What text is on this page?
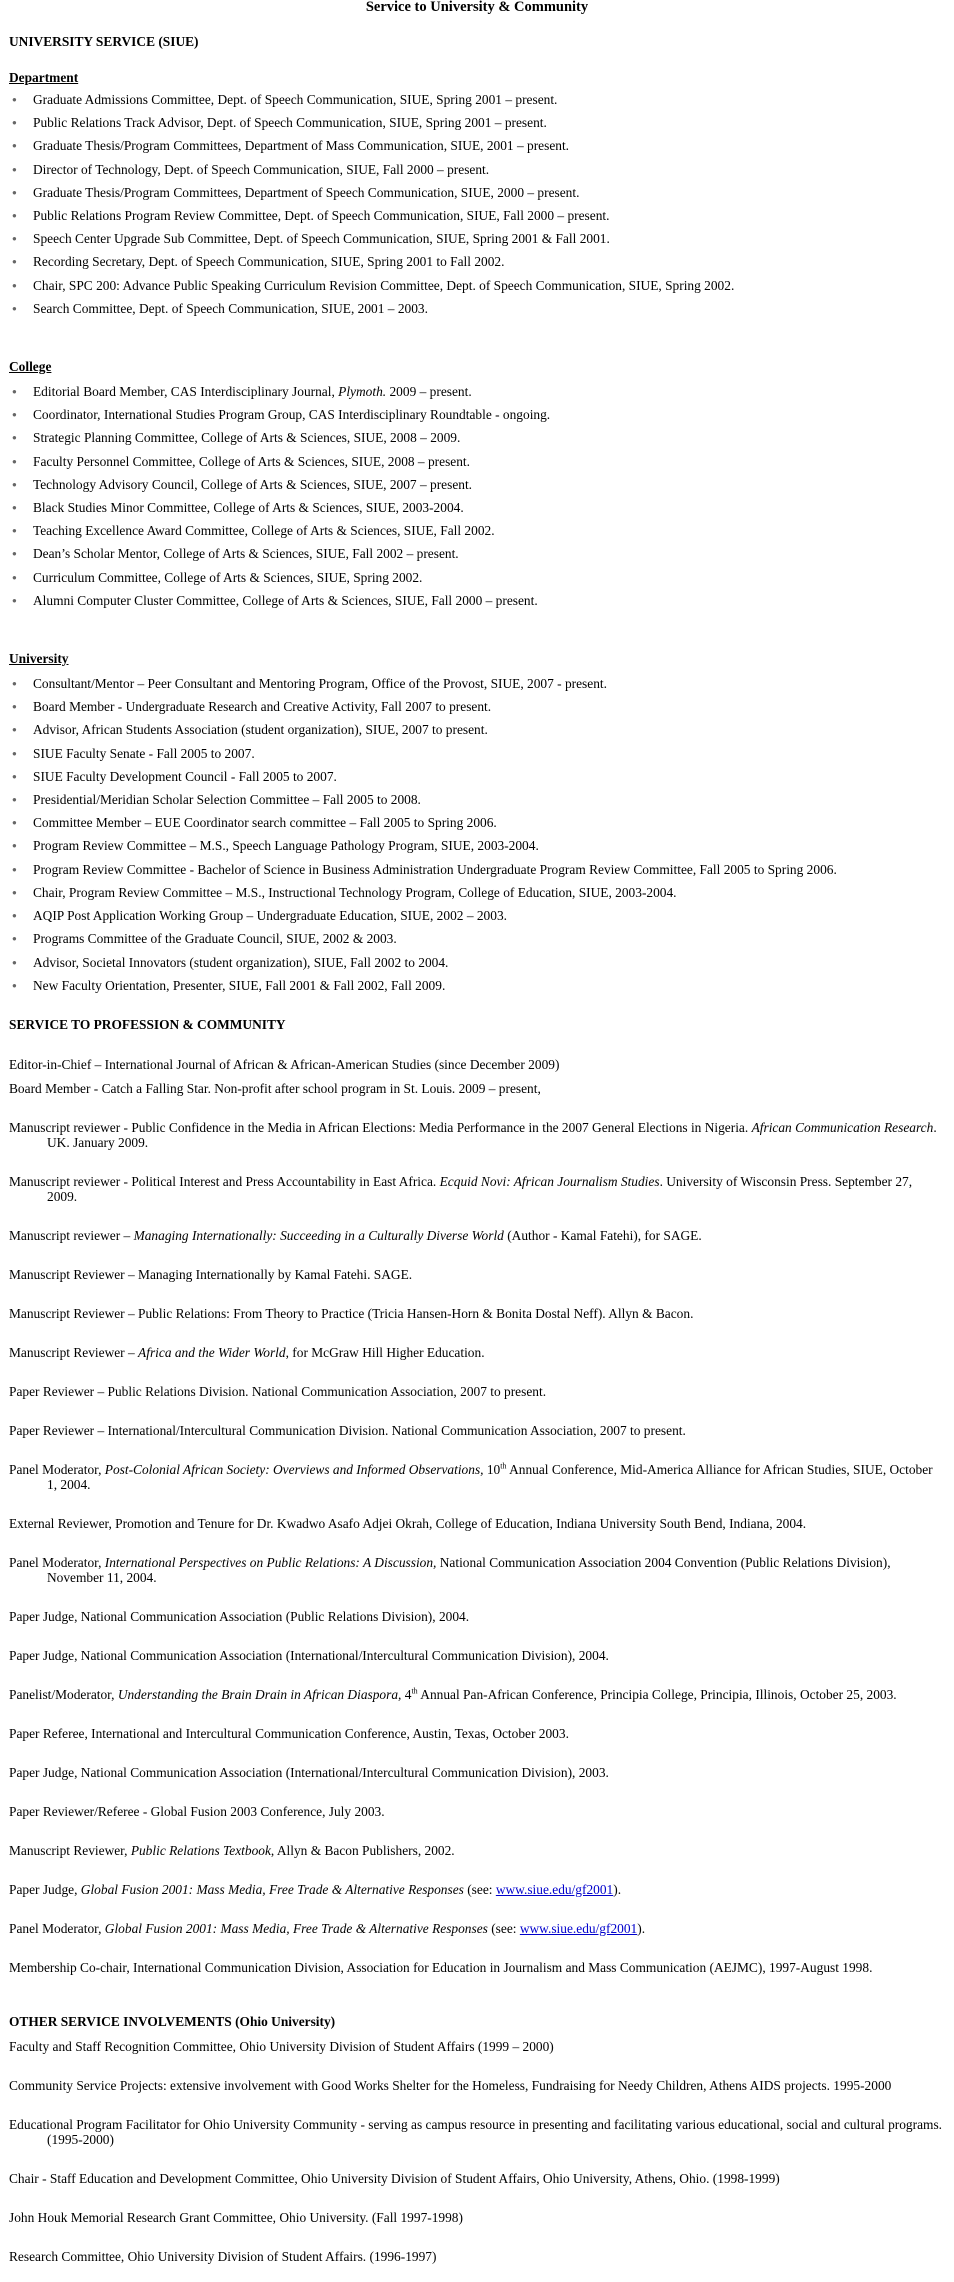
Service to University & Community

UNIVERSITY SERVICE (SIUE)

Department

● Graduate Admissions Committee, Dept. of Speech Communication, SIUE, Spring 2001 – present.
● Public Relations Track Advisor, Dept. of Speech Communication, SIUE, Spring 2001 – present.
● Graduate Thesis/Program Committees, Department of Mass Communication, SIUE, 2001 – present.
● Director of Technology, Dept. of Speech Communication, SIUE, Fall 2000 – present.
● Graduate Thesis/Program Committees, Department of Speech Communication, SIUE, 2000 – present.
● Public Relations Program Review Committee, Dept. of Speech Communication, SIUE, Fall 2000 – present.
● Speech Center Upgrade Sub Committee, Dept. of Speech Communication, SIUE, Spring 2001 & Fall 2001.
● Recording Secretary, Dept. of Speech Communication, SIUE, Spring 2001 to Fall 2002.
● Chair, SPC 200: Advance Public Speaking Curriculum Revision Committee, Dept. of Speech Communication, SIUE, Spring 2002.
● Search Committee, Dept. of Speech Communication, SIUE, 2001 – 2003.

College

● Editorial Board Member, CAS Interdisciplinary Journal, Plymoth. 2009 – present.
● Coordinator, International Studies Program Group, CAS Interdisciplinary Roundtable - ongoing.
● Strategic Planning Committee, College of Arts & Sciences, SIUE, 2008 – 2009.
● Faculty Personnel Committee, College of Arts & Sciences, SIUE, 2008 – present.
● Technology Advisory Council, College of Arts & Sciences, SIUE, 2007 – present.
● Black Studies Minor Committee, College of Arts & Sciences, SIUE, 2003-2004.
● Teaching Excellence Award Committee, College of Arts & Sciences, SIUE, Fall 2002.
● Dean’s Scholar Mentor, College of Arts & Sciences, SIUE, Fall 2002 – present.
● Curriculum Committee, College of Arts & Sciences, SIUE, Spring 2002.
● Alumni Computer Cluster Committee, College of Arts & Sciences, SIUE, Fall 2000 – present.

University

● Consultant/Mentor – Peer Consultant and Mentoring Program, Office of the Provost, SIUE, 2007 - present.
● Board Member - Undergraduate Research and Creative Activity, Fall 2007 to present.
● Advisor, African Students Association (student organization), SIUE, 2007 to present.
● SIUE Faculty Senate - Fall 2005 to 2007.
● SIUE Faculty Development Council - Fall 2005 to 2007.
● Presidential/Meridian Scholar Selection Committee – Fall 2005 to 2008.
● Committee Member – EUE Coordinator search committee – Fall 2005 to Spring 2006.
● Program Review Committee – M.S., Speech Language Pathology Program, SIUE, 2003-2004.
● Program Review Committee - Bachelor of Science in Business Administration Undergraduate Program Review Committee, Fall 2005 to Spring 2006.
● Chair, Program Review Committee – M.S., Instructional Technology Program, College of Education, SIUE, 2003-2004.
● AQIP Post Application Working Group – Undergraduate Education, SIUE, 2002 – 2003.
● Programs Committee of the Graduate Council, SIUE, 2002 & 2003.
● Advisor, Societal Innovators (student organization), SIUE, Fall 2002 to 2004.
● New Faculty Orientation, Presenter, SIUE, Fall 2001 & Fall 2002, Fall 2009.

SERVICE TO PROFESSION & COMMUNITY

Editor-in-Chief – International Journal of African & African-American Studies (since December 2009)

Board Member - Catch a Falling Star. Non-profit after school program in St. Louis. 2009 – present,

Manuscript reviewer - Public Confidence in the Media in African Elections: Media Performance in the 2007 General Elections in Nigeria. African Communication Research. UK. January 2009.

Manuscript reviewer - Political Interest and Press Accountability in East Africa. Ecquid Novi: African Journalism Studies. University of Wisconsin Press. September 27, 2009.

Manuscript reviewer – Managing Internationally: Succeeding in a Culturally Diverse World (Author - Kamal Fatehi), for SAGE.

Manuscript Reviewer – Managing Internationally by Kamal Fatehi. SAGE.

Manuscript Reviewer – Public Relations: From Theory to Practice (Tricia Hansen-Horn & Bonita Dostal Neff). Allyn & Bacon.

Manuscript Reviewer – Africa and the Wider World, for McGraw Hill Higher Education.

Paper Reviewer – Public Relations Division. National Communication Association, 2007 to present.

Paper Reviewer – International/Intercultural Communication Division. National Communication Association, 2007 to present.

Panel Moderator, Post-Colonial African Society: Overviews and Informed Observations, 10th Annual Conference, Mid-America Alliance for African Studies, SIUE, October 1, 2004.

External Reviewer, Promotion and Tenure for Dr. Kwadwo Asafo Adjei Okrah, College of Education, Indiana University South Bend, Indiana, 2004.

Panel Moderator, International Perspectives on Public Relations: A Discussion, National Communication Association 2004 Convention (Public Relations Division), November 11, 2004.

Paper Judge, National Communication Association (Public Relations Division), 2004.

Paper Judge, National Communication Association (International/Intercultural Communication Division), 2004.

Panelist/Moderator, Understanding the Brain Drain in African Diaspora, 4th Annual Pan-African Conference, Principia College, Principia, Illinois, October 25, 2003.

Paper Referee, International and Intercultural Communication Conference, Austin, Texas, October 2003.

Paper Judge, National Communication Association (International/Intercultural Communication Division), 2003.

Paper Reviewer/Referee - Global Fusion 2003 Conference, July 2003.

Manuscript Reviewer, Public Relations Textbook, Allyn & Bacon Publishers, 2002.

Paper Judge, Global Fusion 2001: Mass Media, Free Trade & Alternative Responses (see: www.siue.edu/gf2001).

Panel Moderator, Global Fusion 2001: Mass Media, Free Trade & Alternative Responses (see: www.siue.edu/gf2001).

Membership Co-chair, International Communication Division, Association for Education in Journalism and Mass Communication (AEJMC), 1997-August 1998.

OTHER SERVICE INVOLVEMENTS (Ohio University)

Faculty and Staff Recognition Committee, Ohio University Division of Student Affairs (1999 – 2000)

Community Service Projects: extensive involvement with Good Works Shelter for the Homeless, Fundraising for Needy Children, Athens AIDS projects. 1995-2000

Educational Program Facilitator for Ohio University Community - serving as campus resource in presenting and facilitating various educational, social and cultural programs. (1995-2000)

Chair - Staff Education and Development Committee, Ohio University Division of Student Affairs, Ohio University, Athens, Ohio. (1998-1999)

John Houk Memorial Research Grant Committee, Ohio University. (Fall 1997-1998)

Research Committee, Ohio University Division of Student Affairs. (1996-1997)
